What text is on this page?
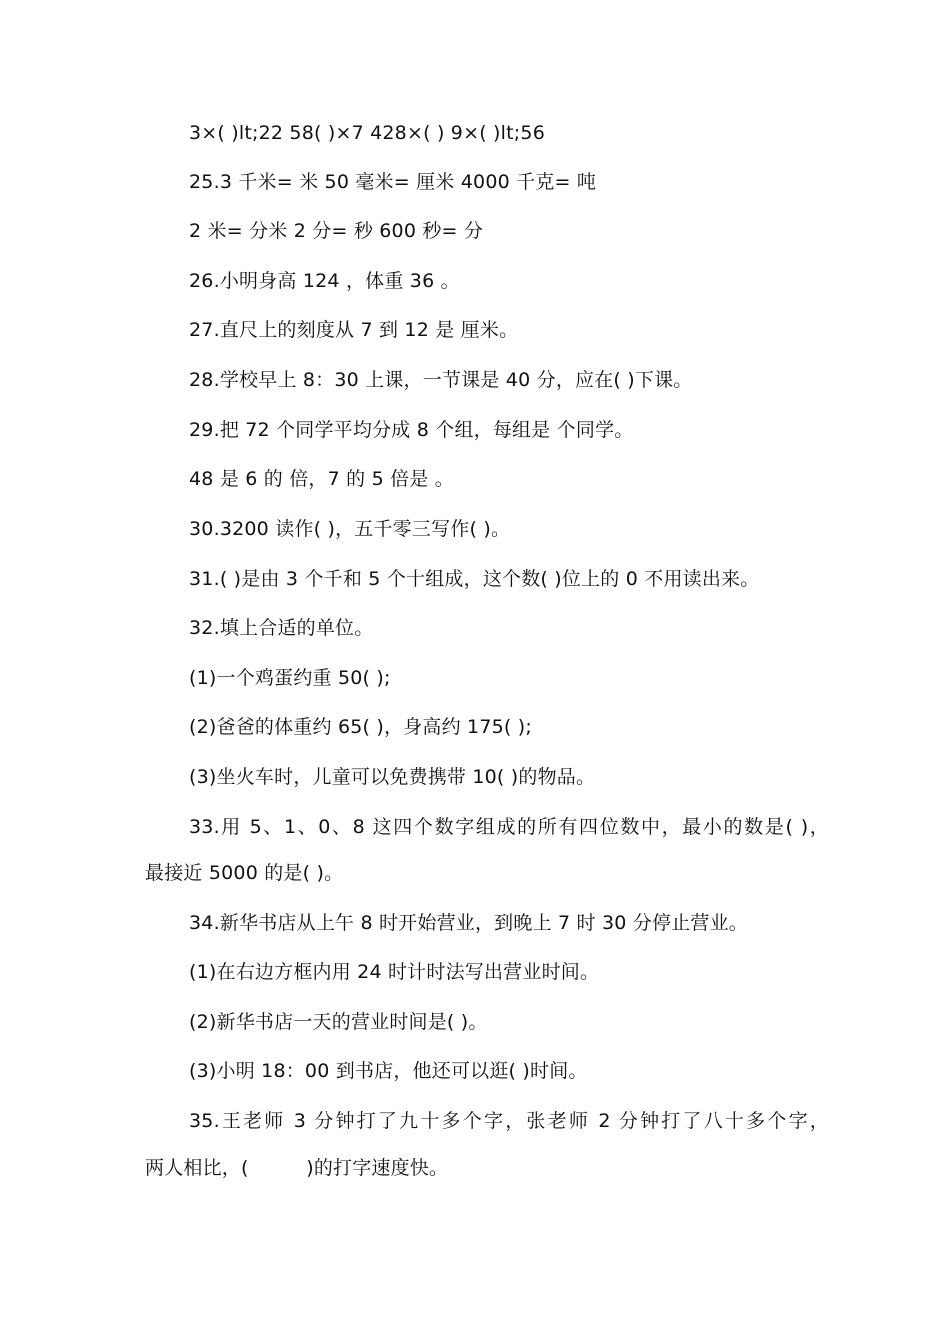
3×( )lt;22 58( )×7 428×( ) 9×( )lt;56
25.3 千米= 米 50 毫米= 厘米 4000 千克= 吨
2 米= 分米 2 分= 秒 600 秒= 分
26.小明身高 124 ，体重 36 。
27.直尺上的刻度从 7 到 12 是 厘米。
28.学校早上 8：30 上课，一节课是 40 分，应在( )下课。
29.把 72 个同学平均分成 8 个组，每组是 个同学。
48 是 6 的 倍，7 的 5 倍是 。
30.3200 读作( )，五千零三写作( )。
31.( )是由 3 个千和 5 个十组成，这个数( )位上的 0 不用读出来。
32.填上合适的单位。
(1)一个鸡蛋约重 50( );
(2)爸爸的体重约 65( )，身高约 175( );
(3)坐火车时，儿童可以免费携带 10( )的物品。
33.用 5、1、0、8 这四个数字组成的所有四位数中，最小的数是( )，
最接近 5000 的是( )。
34.新华书店从上午 8 时开始营业，到晚上 7 时 30 分停止营业。
(1)在右边方框内用 24 时计时法写出营业时间。
(2)新华书店一天的营业时间是( )。
(3)小明 18：00 到书店，他还可以逛( )时间。
35.王老师 3 分钟打了九十多个字，张老师 2 分钟打了八十多个字，
两人相比，(　　　)的打字速度快。
